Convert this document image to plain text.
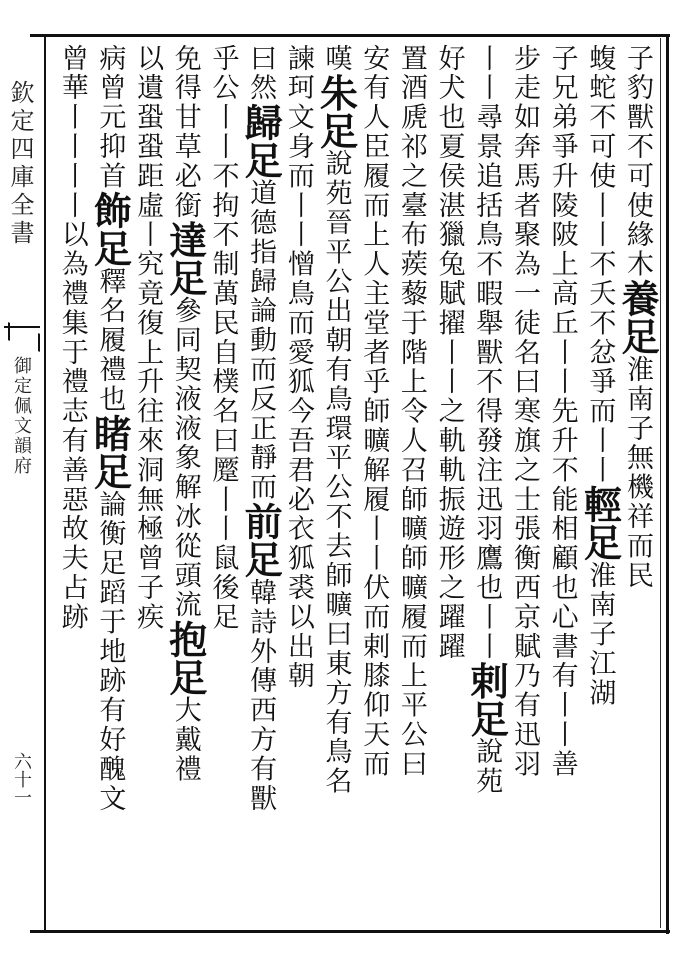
欽定四庫全書
御定佩文韻府
六十一
子豹獸不可使緣木養足淮南子無機祥而民
蝮蛇不可使丨丨不夭不忿爭而丨丨輕足淮南子江湖
子兄弟爭升陵陂上高丘丨丨先升不能相顧也心書有丨丨善
步走如奔馬者聚為一徒名曰寒旗之士張衡西京賦乃有迅羽
丨丨尋景追括鳥不暇舉獸不得發注迅羽鷹也丨丨剌足說苑
好犬也夏侯湛獵兔賦擢丨丨之軌軌振遊形之躍躍
置酒虒祁之臺布蒺藜于階上令人召師曠師曠履而上平公曰
安有人臣履而上人主堂者乎師曠解履丨丨伏而剌膝仰天而
嘆朱足說苑晉平公出朝有鳥環平公不去師曠曰東方有鳥名
諫珂文身而丨丨憎鳥而愛狐今吾君必衣狐裘以出朝
曰然歸足道德指歸論動而反正靜而前足韓詩外傳西方有獸
乎公丨丨不拘不制萬民自樸名曰蹷丨丨鼠後足
免得甘草必銜達足參同契液液象解冰從頭流抱足大戴禮
以遺蛩蛩距虛丨究竟復上升往來洞無極曾子疾
病曾元抑首飾足釋名履禮也睹足論衡足蹈于地跡有好醜文
曾華丨丨丨丨以為禮集于禮志有善惡故夫占跡
